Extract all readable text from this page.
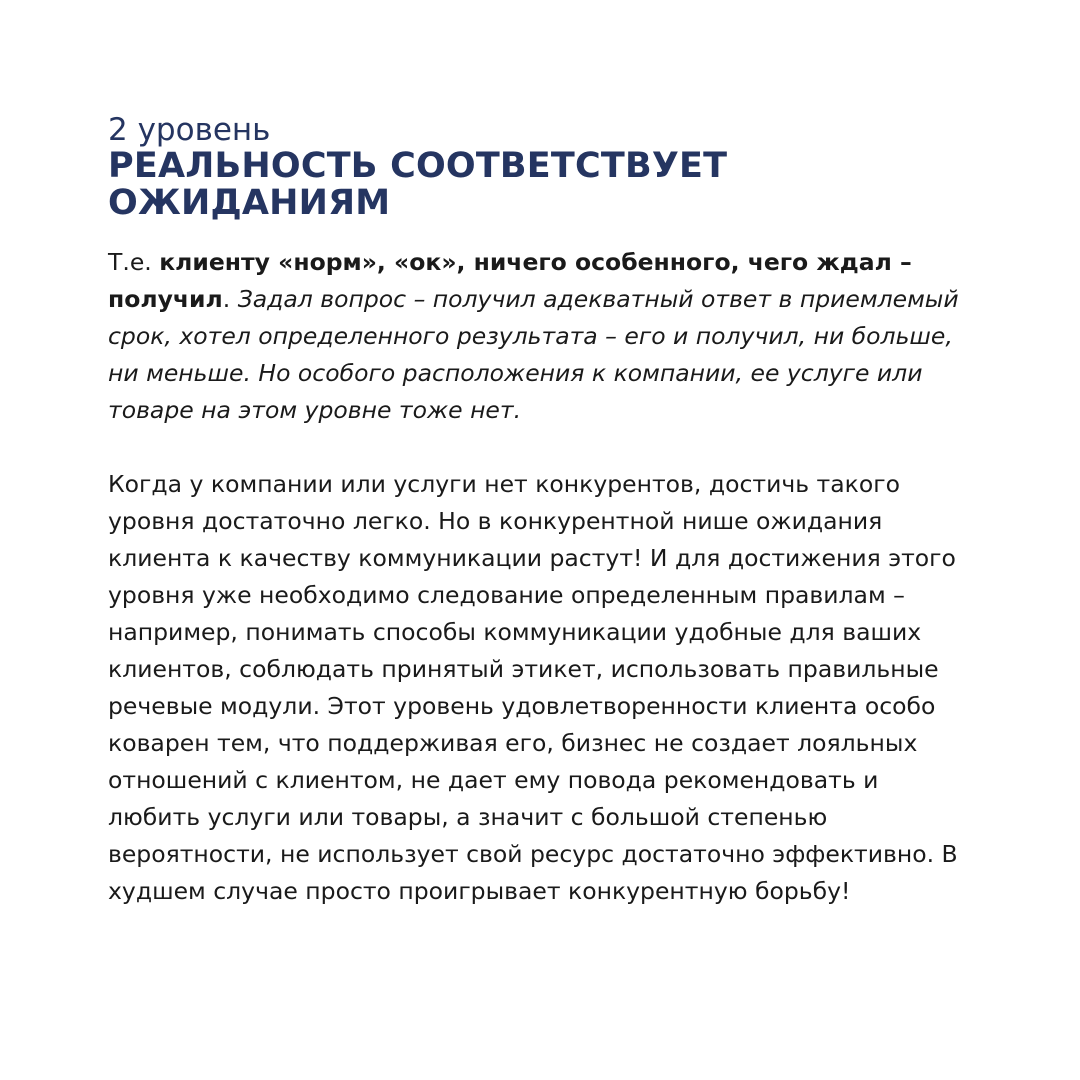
2 уровень
РЕАЛЬНОСТЬ СООТВЕТСТВУЕТ
ОЖИДАНИЯМ

Т.е. клиенту «норм», «ок», ничего особенного, чего ждал – получил. Задал вопрос – получил адекватный ответ в приемлемый срок, хотел определенного результата – его и получил, ни больше, ни меньше. Но особого расположения к компании, ее услуге или товаре на этом уровне тоже нет.

Когда у компании или услуги нет конкурентов, достичь такого уровня достаточно легко. Но в конкурентной нише ожидания клиента к качеству коммуникации растут! И для достижения этого уровня уже необходимо следование определенным правилам – например, понимать способы коммуникации удобные для ваших клиентов, соблюдать принятый этикет, использовать правильные речевые модули. Этот уровень удовлетворенности клиента особо коварен тем, что поддерживая его, бизнес не создает лояльных отношений с клиентом, не дает ему повода рекомендовать и любить услуги или товары, а значит с большой степенью вероятности, не использует свой ресурс достаточно эффективно. В худшем случае просто проигрывает конкурентную борьбу!
